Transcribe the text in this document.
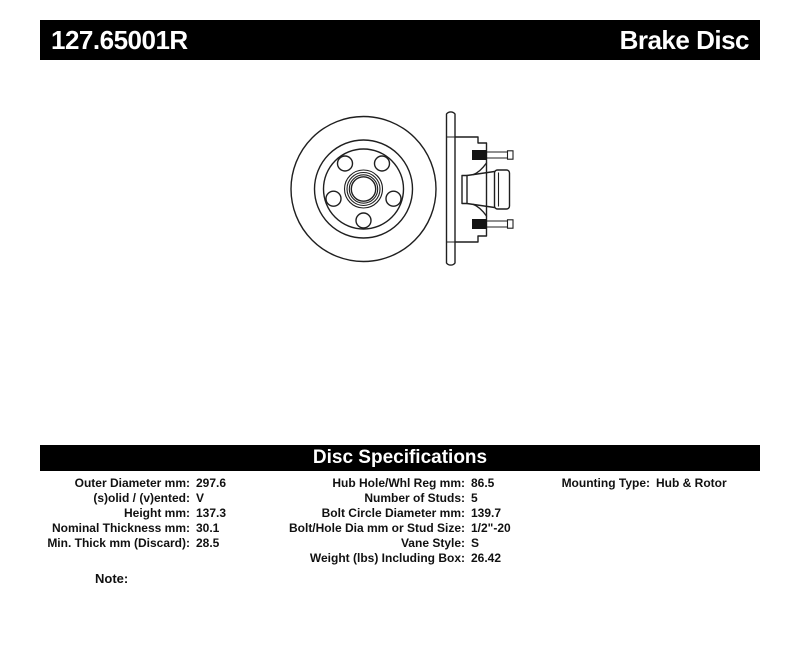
127.65001R	Brake Disc
Disc Specifications
Outer Diameter mm: 297.6
(s)olid / (v)ented: V
Height mm: 137.3
Nominal Thickness mm: 30.1
Min. Thick mm (Discard): 28.5
Hub Hole/Whl Reg mm: 86.5
Number of Studs: 5
Bolt Circle Diameter mm: 139.7
Bolt/Hole Dia mm or Stud Size: 1/2"-20
Vane Style: S
Weight (lbs) Including Box: 26.42
Mounting Type: Hub & Rotor
Note:
